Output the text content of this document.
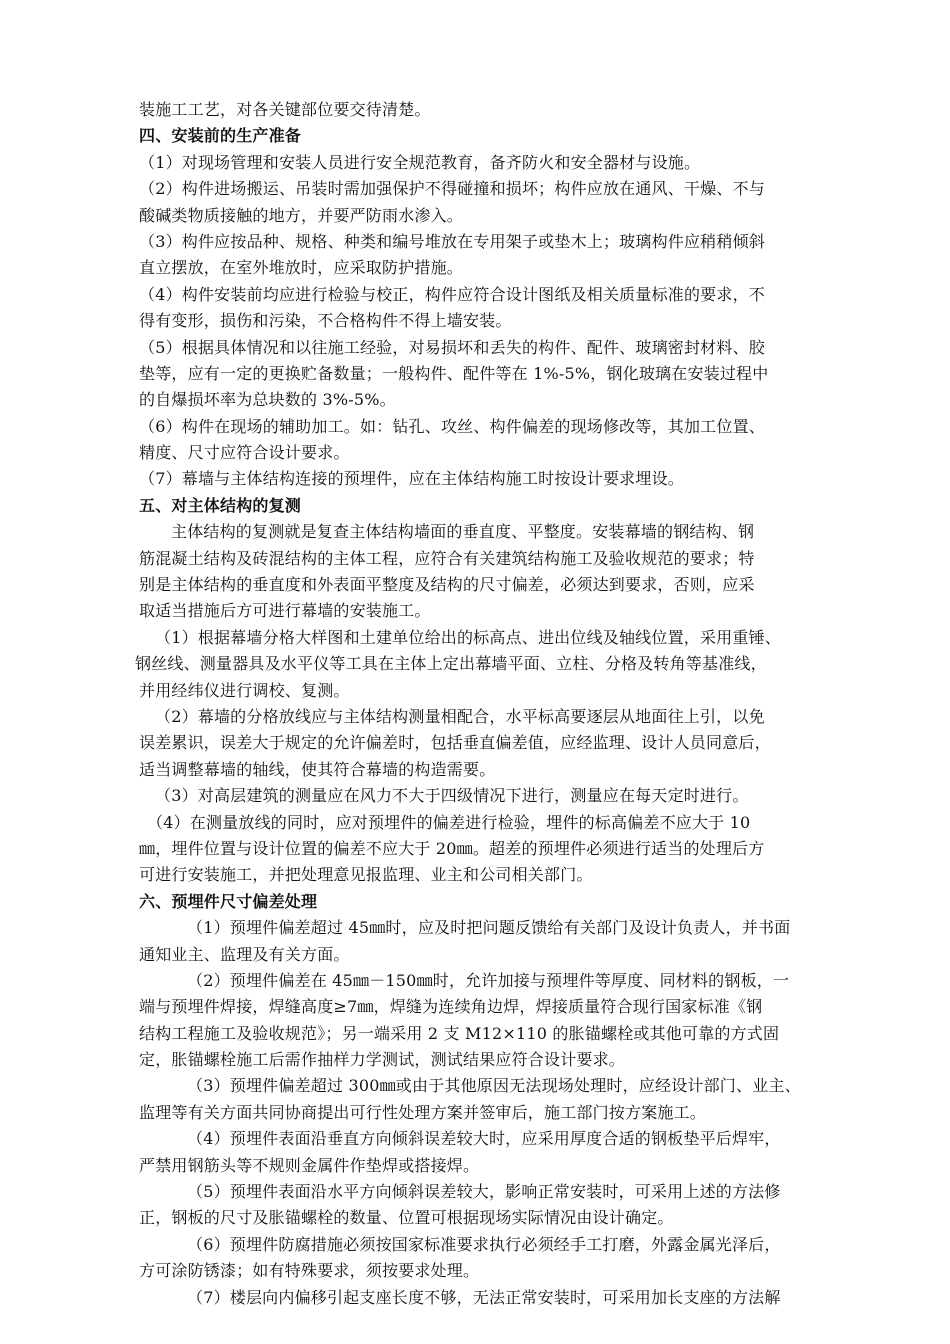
装施工工艺，对各关键部位要交待清楚。
四、安装前的生产准备
（1）对现场管理和安装人员进行安全规范教育，备齐防火和安全器材与设施。
（2）构件进场搬运、吊装时需加强保护不得碰撞和损坏；构件应放在通风、干燥、不与
酸碱类物质接触的地方，并要严防雨水渗入。
（3）构件应按品种、规格、种类和编号堆放在专用架子或垫木上；玻璃构件应稍稍倾斜
直立摆放，在室外堆放时，应采取防护措施。
（4）构件安装前均应进行检验与校正，构件应符合设计图纸及相关质量标准的要求，不
得有变形，损伤和污染，不合格构件不得上墙安装。
（5）根据具体情况和以往施工经验，对易损坏和丢失的构件、配件、玻璃密封材料、胶
垫等，应有一定的更换贮备数量；一般构件、配件等在 1%-5%，钢化玻璃在安装过程中
的自爆损坏率为总块数的 3%-5%。
（6）构件在现场的辅助加工。如：钻孔、攻丝、构件偏差的现场修改等，其加工位置、
精度、尺寸应符合设计要求。
（7）幕墙与主体结构连接的预埋件，应在主体结构施工时按设计要求埋设。
五、对主体结构的复测
主体结构的复测就是复查主体结构墙面的垂直度、平整度。安装幕墙的钢结构、钢
筋混凝土结构及砖混结构的主体工程，应符合有关建筑结构施工及验收规范的要求；特
别是主体结构的垂直度和外表面平整度及结构的尺寸偏差，必须达到要求，否则，应采
取适当措施后方可进行幕墙的安装施工。
（1）根据幕墙分格大样图和土建单位给出的标高点、进出位线及轴线位置，采用重锤、
钢丝线、测量器具及水平仪等工具在主体上定出幕墙平面、立柱、分格及转角等基准线，
并用经纬仪进行调校、复测。
（2）幕墙的分格放线应与主体结构测量相配合，水平标高要逐层从地面往上引，以免
误差累识，误差大于规定的允许偏差时，包括垂直偏差值，应经监理、设计人员同意后，
适当调整幕墙的轴线，使其符合幕墙的构造需要。
（3）对高层建筑的测量应在风力不大于四级情况下进行，测量应在每天定时进行。
（4）在测量放线的同时，应对预埋件的偏差进行检验，埋件的标高偏差不应大于 10
㎜，埋件位置与设计位置的偏差不应大于 20㎜。超差的预埋件必须进行适当的处理后方
可进行安装施工，并把处理意见报监理、业主和公司相关部门。
六、预埋件尺寸偏差处理
（1）预埋件偏差超过 45㎜时，应及时把问题反馈给有关部门及设计负责人，并书面
通知业主、监理及有关方面。
（2）预埋件偏差在 45㎜－150㎜时，允许加接与预埋件等厚度、同材料的钢板，一
端与预埋件焊接，焊缝高度≥7㎜，焊缝为连续角边焊，焊接质量符合现行国家标准《钢
结构工程施工及验收规范》；另一端采用 2 支 M12×110 的胀锚螺栓或其他可靠的方式固
定，胀锚螺栓施工后需作抽样力学测试，测试结果应符合设计要求。
（3）预埋件偏差超过 300㎜或由于其他原因无法现场处理时，应经设计部门、业主、
监理等有关方面共同协商提出可行性处理方案并签审后，施工部门按方案施工。
（4）预埋件表面沿垂直方向倾斜误差较大时，应采用厚度合适的钢板垫平后焊牢，
严禁用钢筋头等不规则金属件作垫焊或搭接焊。
（5）预埋件表面沿水平方向倾斜误差较大，影响正常安装时，可采用上述的方法修
正，钢板的尺寸及胀锚螺栓的数量、位置可根据现场实际情况由设计确定。
（6）预埋件防腐措施必须按国家标准要求执行必须经手工打磨，外露金属光泽后，
方可涂防锈漆；如有特殊要求，须按要求处理。
（7）楼层向内偏移引起支座长度不够，无法正常安装时，可采用加长支座的方法解
